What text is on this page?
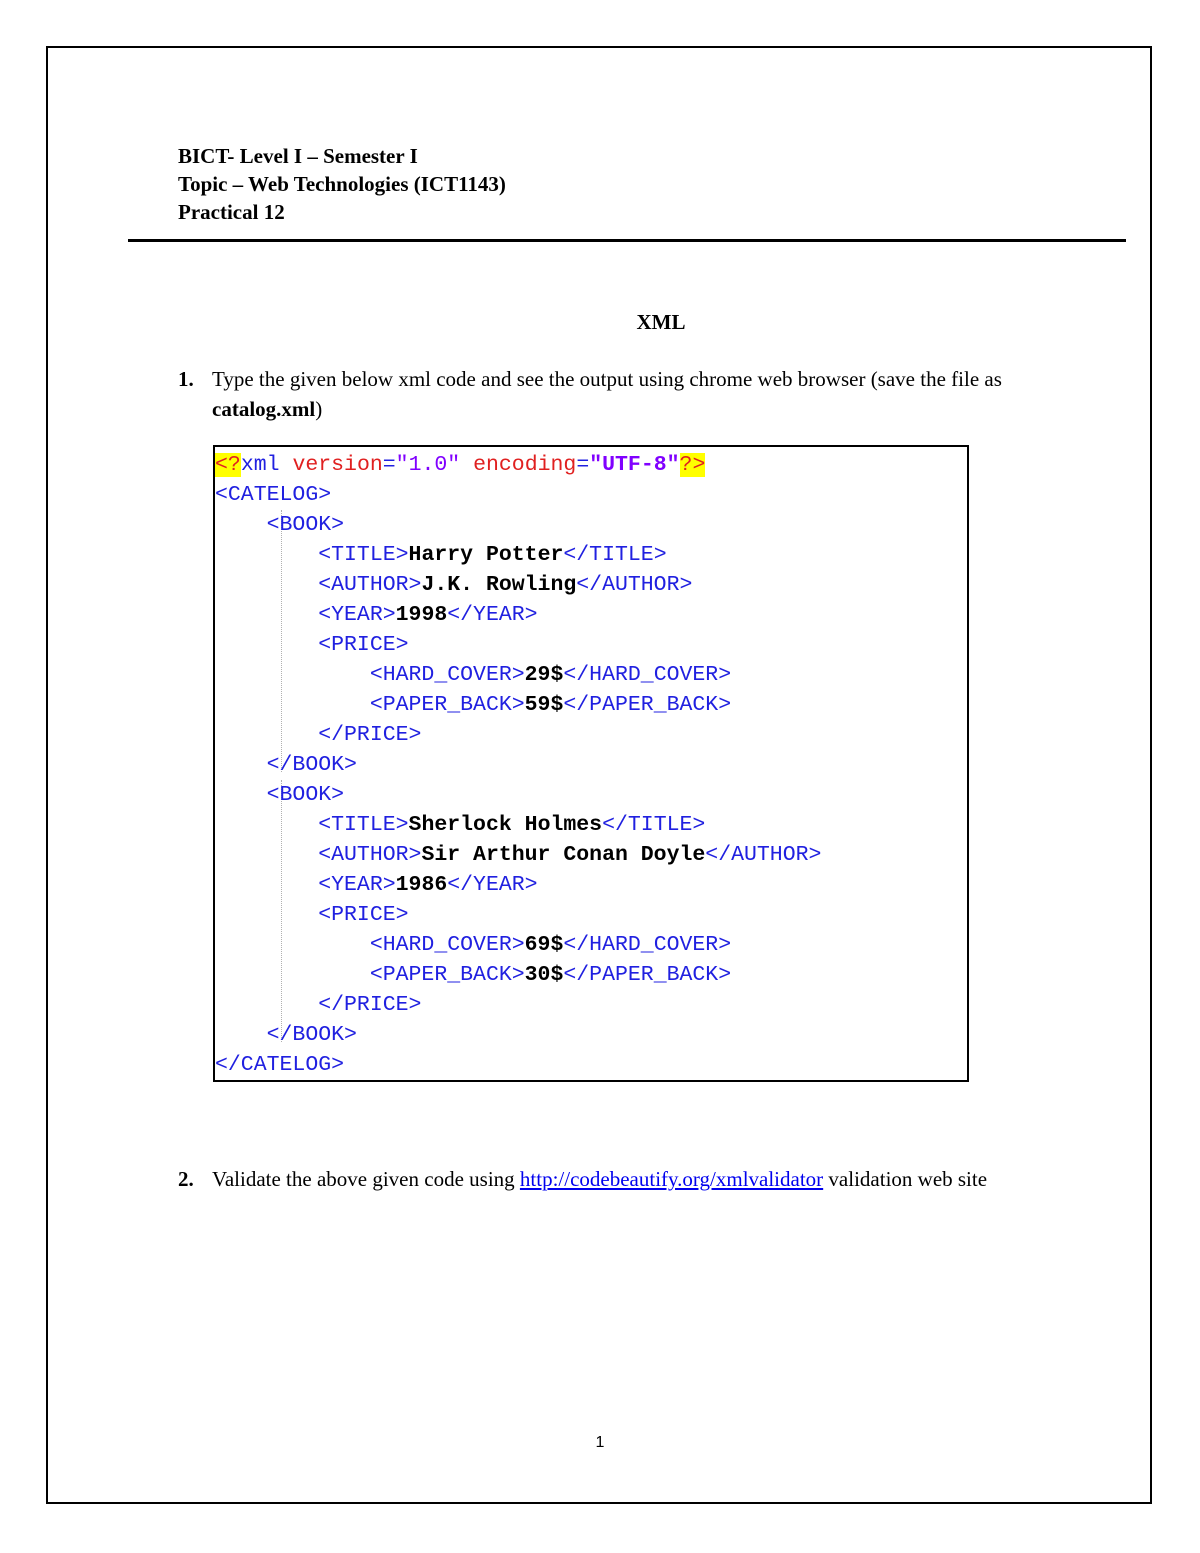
BICT- Level I – Semester I
Topic – Web Technologies (ICT1143)
Practical 12
XML
1. Type the given below xml code and see the output using chrome web browser (save the file as catalog.xml)
<?xml version="1.0" encoding="UTF-8"?>
<CATELOG>
<BOOK>
<TITLE>Harry Potter</TITLE>
<AUTHOR>J.K. Rowling</AUTHOR>
<YEAR>1998</YEAR>
<PRICE>
<HARD_COVER>29$</HARD_COVER>
<PAPER_BACK>59$</PAPER_BACK>
</PRICE>
</BOOK>
<BOOK>
<TITLE>Sherlock Holmes</TITLE>
<AUTHOR>Sir Arthur Conan Doyle</AUTHOR>
<YEAR>1986</YEAR>
<PRICE>
<HARD_COVER>69$</HARD_COVER>
<PAPER_BACK>30$</PAPER_BACK>
</PRICE>
</BOOK>
</CATELOG>
2. Validate the above given code using http://codebeautify.org/xmlvalidator validation web site
1
